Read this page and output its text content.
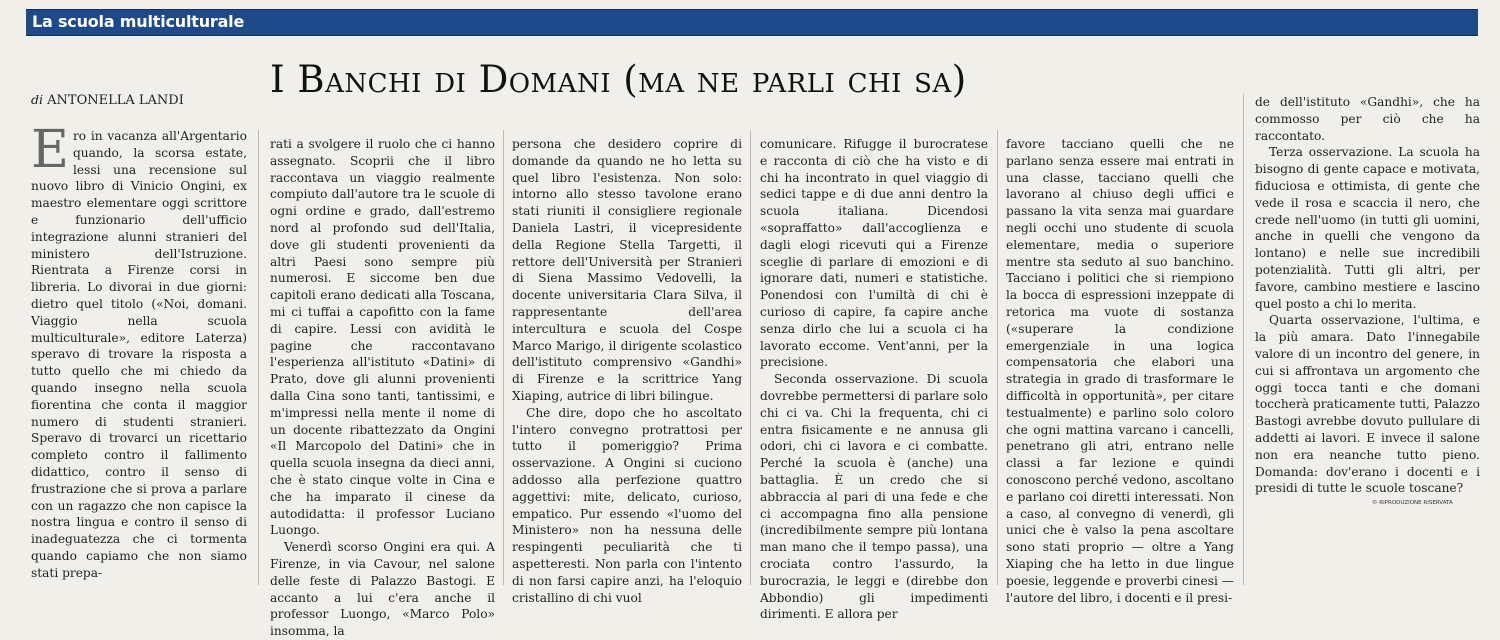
La scuola multiculturale
I Banchi di Domani (ma ne parli chi sa)
di ANTONELLA LANDI

Ero in vacanza all'Argentario quando, la scorsa estate, lessi una recensione sul nuovo libro di Vinicio Ongini, ex maestro elementare oggi scrittore e funzionario dell'ufficio integrazione alunni stranieri del ministero dell'Istruzione. Rientrata a Firenze corsi in libreria. Lo divorai in due giorni: dietro quel titolo («Noi, domani. Viaggio nella scuola multiculturale», editore Laterza) speravo di trovare la risposta a tutto quello che mi chiedo da quando insegno nella scuola fiorentina che conta il maggior numero di studenti stranieri. Speravo di trovarci un ricettario completo contro il fallimento didattico, contro il senso di frustrazione che si prova a parlare con un ragazzo che non capisce la nostra lingua e contro il senso di inadeguatezza che ci tormenta quando capiamo che non siamo stati prepa-

rati a svolgere il ruolo che ci hanno assegnato. Scoprii che il libro raccontava un viaggio realmente compiuto dall'autore tra le scuole di ogni ordine e grado, dall'estremo nord al profondo sud dell'Italia, dove gli studenti provenienti da altri Paesi sono sempre più numerosi. E siccome ben due capitoli erano dedicati alla Toscana, mi ci tuffai a capofitto con la fame di capire. Lessi con avidità le pagine che raccontavano l'esperienza all'istituto «Datini» di Prato, dove gli alunni provenienti dalla Cina sono tanti, tantissimi, e m'impressi nella mente il nome di un docente ribattezzato da Ongini «Il Marcopolo del Datini» che in quella scuola insegna da dieci anni, che è stato cinque volte in Cina e che ha imparato il cinese da autodidatta: il professor Luciano Luongo.

Venerdì scorso Ongini era qui. A Firenze, in via Cavour, nel salone delle feste di Palazzo Bastogi. E accanto a lui c'era anche il professor Luongo, «Marco Polo» insomma, la

persona che desidero coprire di domande da quando ne ho letta su quel libro l'esistenza. Non solo: intorno allo stesso tavolone erano stati riuniti il consigliere regionale Daniela Lastri, il vicepresidente della Regione Stella Targetti, il rettore dell'Università per Stranieri di Siena Massimo Vedovelli, la docente universitaria Clara Silva, il rappresentante dell'area intercultura e scuola del Cospe Marco Marigo, il dirigente scolastico dell'istituto comprensivo «Gandhi» di Firenze e la scrittrice Yang Xiaping, autrice di libri bilingue.

Che dire, dopo che ho ascoltato l'intero convegno protrattosi per tutto il pomeriggio? Prima osservazione. A Ongini si cuciono addosso alla perfezione quattro aggettivi: mite, delicato, curioso, empatico. Pur essendo «l'uomo del Ministero» non ha nessuna delle respingenti peculiarità che ti aspetteresti. Non parla con l'intento di non farsi capire anzi, ha l'eloquio cristallino di chi vuol

comunicare. Rifugge il burocratese e racconta di ciò che ha visto e di chi ha incontrato in quel viaggio di sedici tappe e di due anni dentro la scuola italiana. Dicendosi «sopraffatto» dall'accoglienza e dagli elogi ricevuti qui a Firenze sceglie di parlare di emozioni e di ignorare dati, numeri e statistiche. Ponendosi con l'umiltà di chi è curioso di capire, fa capire anche senza dirlo che lui a scuola ci ha lavorato eccome. Vent'anni, per la precisione.

Seconda osservazione. Di scuola dovrebbe permettersi di parlare solo chi ci va. Chi la frequenta, chi ci entra fisicamente e ne annusa gli odori, chi ci lavora e ci combatte. Perché la scuola è (anche) una battaglia. È un credo che si abbraccia al pari di una fede e che ci accompagna fino alla pensione (incredibilmente sempre più lontana man mano che il tempo passa), una crociata contro l'assurdo, la burocrazia, le leggi e (direbbe don Abbondio) gli impedimenti dirimenti. E allora per

favore tacciano quelli che ne parlano senza essere mai entrati in una classe, tacciano quelli che lavorano al chiuso degli uffici e passano la vita senza mai guardare negli occhi uno studente di scuola elementare, media o superiore mentre sta seduto al suo banchino. Tacciano i politici che si riempiono la bocca di espressioni inzeppate di retorica ma vuote di sostanza («superare la condizione emergenziale in una logica compensatoria che elabori una strategia in grado di trasformare le difficoltà in opportunità», per citare testualmente) e parlino solo coloro che ogni mattina varcano i cancelli, penetrano gli atri, entrano nelle classi a far lezione e quindi conoscono perché vedono, ascoltano e parlano coi diretti interessati. Non a caso, al convegno di venerdì, gli unici che è valso la pena ascoltare sono stati proprio — oltre a Yang Xiaping che ha letto in due lingue poesie, leggende e proverbi cinesi — l'autore del libro, i docenti e il presi-

de dell'istituto «Gandhi», che ha commosso per ciò che ha raccontato.

Terza osservazione. La scuola ha bisogno di gente capace e motivata, fiduciosa e ottimista, di gente che vede il rosa e scaccia il nero, che crede nell'uomo (in tutti gli uomini, anche in quelli che vengono da lontano) e nelle sue incredibili potenzialità. Tutti gli altri, per favore, cambino mestiere e lascino quel posto a chi lo merita.

Quarta osservazione, l'ultima, e la più amara. Dato l'innegabile valore di un incontro del genere, in cui si affrontava un argomento che oggi tocca tanti e che domani toccherà praticamente tutti, Palazzo Bastogi avrebbe dovuto pullulare di addetti ai lavori. E invece il salone non era neanche tutto pieno. Domanda: dov'erano i docenti e i presidi di tutte le scuole toscane?

© RIPRODUZIONE RISERVATA
